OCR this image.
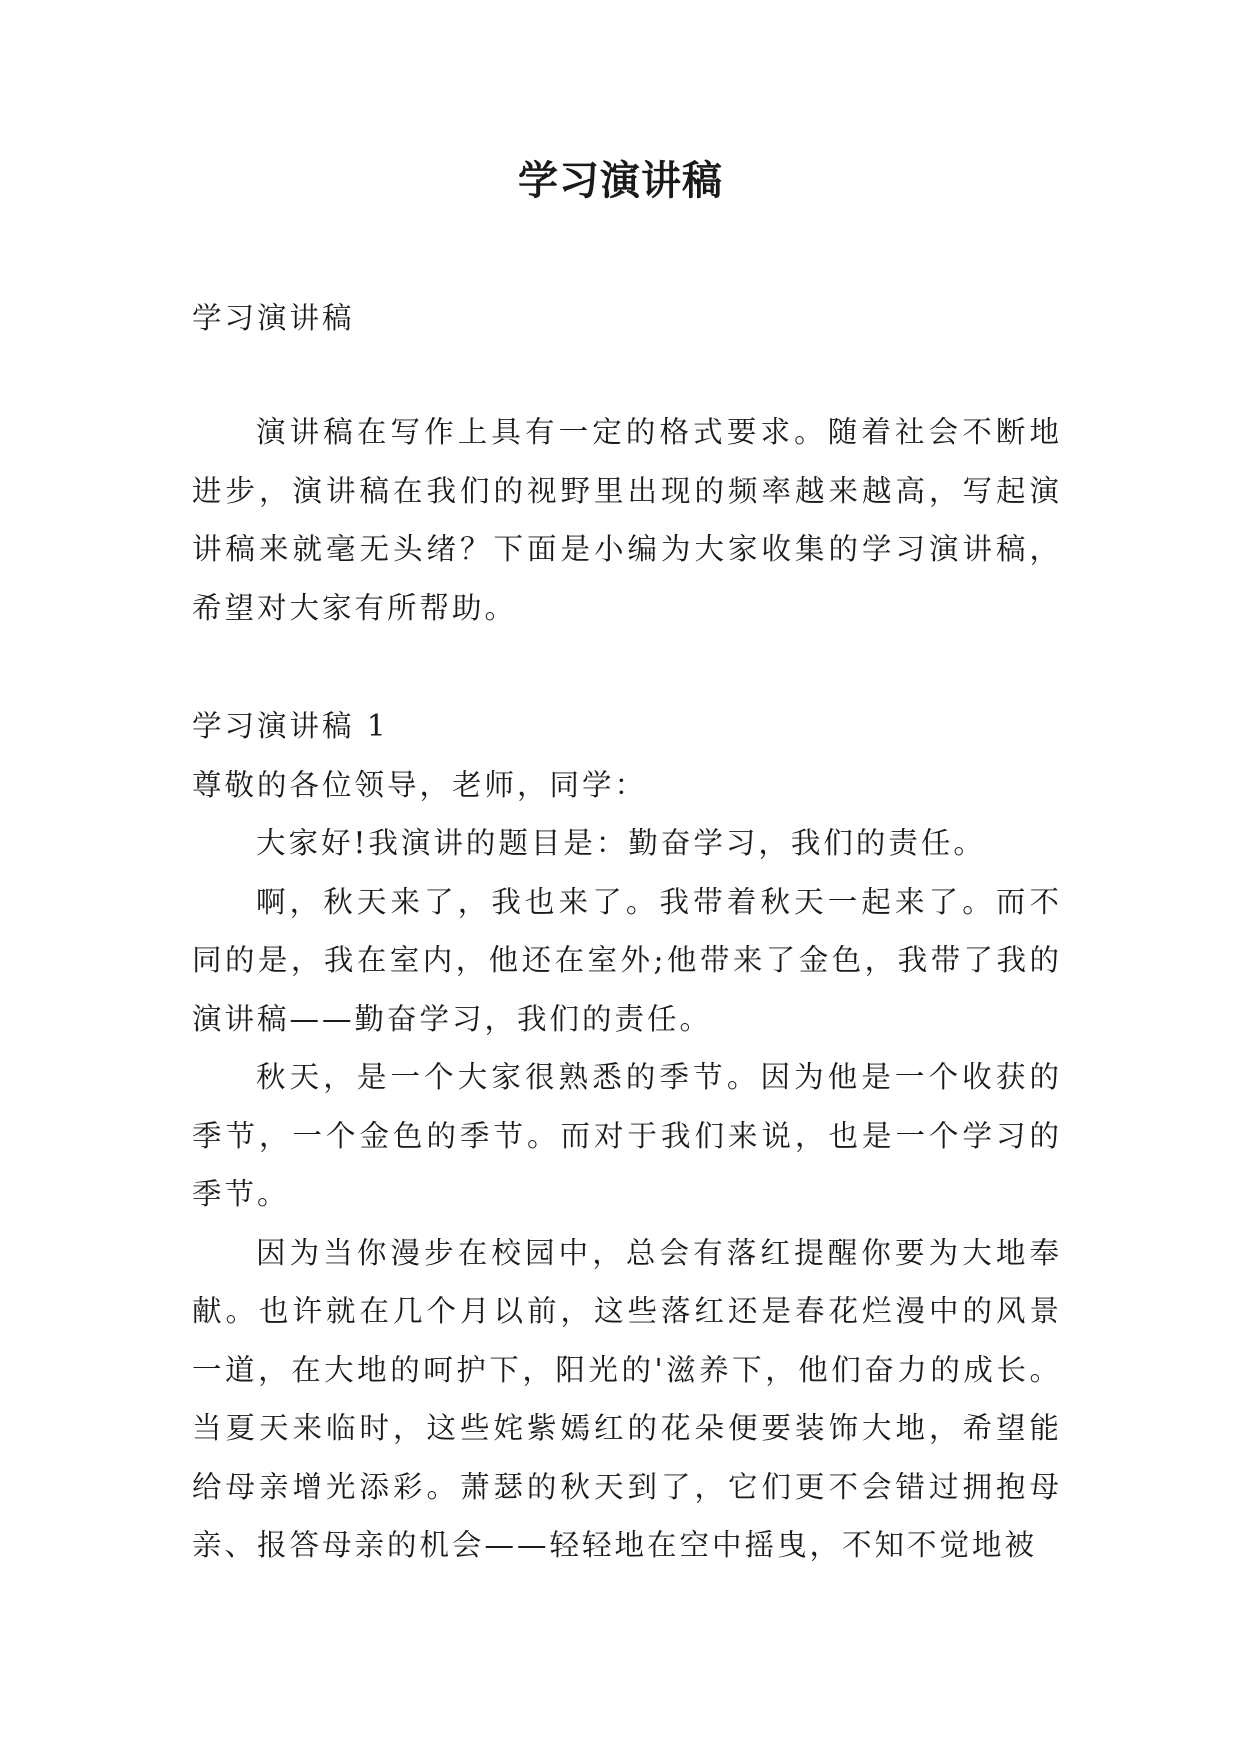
学习演讲稿

学习演讲稿

演讲稿在写作上具有一定的格式要求。随着社会不断地进步，演讲稿在我们的视野里出现的频率越来越高，写起演讲稿来就毫无头绪？下面是小编为大家收集的学习演讲稿，希望对大家有所帮助。

学习演讲稿 1

尊敬的各位领导，老师，同学：

大家好!我演讲的题目是：勤奋学习，我们的责任。

啊，秋天来了，我也来了。我带着秋天一起来了。而不同的是，我在室内，他还在室外;他带来了金色，我带了我的演讲稿——勤奋学习，我们的责任。

秋天，是一个大家很熟悉的季节。因为他是一个收获的季节，一个金色的季节。而对于我们来说，也是一个学习的季节。

因为当你漫步在校园中，总会有落红提醒你要为大地奉献。也许就在几个月以前，这些落红还是春花烂漫中的风景一道，在大地的呵护下，阳光的'滋养下，他们奋力的成长。当夏天来临时，这些姹紫嫣红的花朵便要装饰大地，希望能给母亲增光添彩。萧瑟的秋天到了，它们更不会错过拥抱母亲、报答母亲的机会——轻轻地在空中摇曳，不知不觉地被
